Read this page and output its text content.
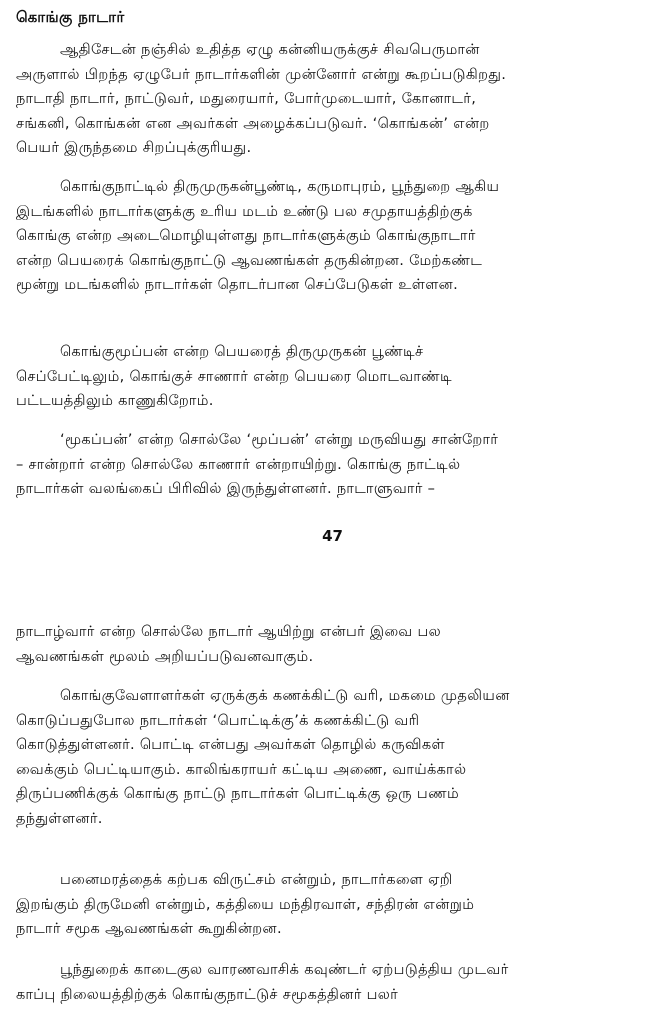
கொங்கு நாடார்

ஆதிசேடன் நஞ்சில் உதித்த ஏழு கன்னியருக்குச் சிவபெருமான்
அருளால் பிறந்த ஏழுபேர் நாடார்களின் முன்னோர் என்று கூறப்படுகிறது.
நாடாதி நாடார், நாட்டுவர், மதுரையார், போர்முடையார், கோனாடர்,
சங்கனி, கொங்கன் என அவர்கள் அழைக்கப்படுவர். ‘கொங்கன்’ என்ற
பெயர் இருந்தமை சிறப்புக்குரியது.

கொங்குநாட்டில் திருமுருகன்பூண்டி, கருமாபுரம், பூந்துறை ஆகிய
இடங்களில் நாடார்களுக்கு உரிய மடம் உண்டு பல சமுதாயத்திற்குக்
கொங்கு என்ற அடைமொழியுள்ளது நாடார்களுக்கும் கொங்குநாடார்
என்ற பெயரைக் கொங்குநாட்டு ஆவணங்கள் தருகின்றன. மேற்கண்ட
மூன்று மடங்களில் நாடார்கள் தொடர்பான செப்பேடுகள் உள்ளன.

கொங்குமூப்பன் என்ற பெயரைத் திருமுருகன் பூண்டிச்
செப்பேட்டிலும், கொங்குச் சாணார் என்ற பெயரை மொடவாண்டி
பட்டயத்திலும் காணுகிறோம்.

‘மூகப்பன்’ என்ற சொல்லே ‘மூப்பன்’ என்று மருவியது சான்றோர்
– சான்றார் என்ற சொல்லே காணார் என்றாயிற்று. கொங்கு நாட்டில்
நாடார்கள் வலங்கைப் பிரிவில் இருந்துள்ளனர். நாடாளுவார் –

47

நாடாழ்வார் என்ற சொல்லே நாடார் ஆயிற்று என்பர் இவை பல
ஆவணங்கள் மூலம் அறியப்படுவனவாகும்.

கொங்குவேளாளர்கள் ஏருக்குக் கணக்கிட்டு வரி, மகமை முதலியன
கொடுப்பதுபோல நாடார்கள் ‘பொட்டிக்கு’க் கணக்கிட்டு வரி
கொடுத்துள்ளனர். பொட்டி என்பது அவர்கள் தொழில் கருவிகள்
வைக்கும் பெட்டியாகும். காலிங்கராயர் கட்டிய அணை, வாய்க்கால்
திருப்பணிக்குக் கொங்கு நாட்டு நாடார்கள் பொட்டிக்கு ஒரு பணம்
தந்துள்ளனர்.

பனைமரத்தைக் கற்பக விருட்சம் என்றும், நாடார்களை ஏறி
இறங்கும் திருமேனி என்றும், கத்தியை மந்திரவாள், சந்திரன் என்றும்
நாடார் சமூக ஆவணங்கள் கூறுகின்றன.

பூந்துறைக் காடைகுல வாரணவாசிக் கவுண்டர் ஏற்படுத்திய முடவர்
காப்பு நிலையத்திற்குக் கொங்குநாட்டுச் சமூகத்தினர் பலர்
